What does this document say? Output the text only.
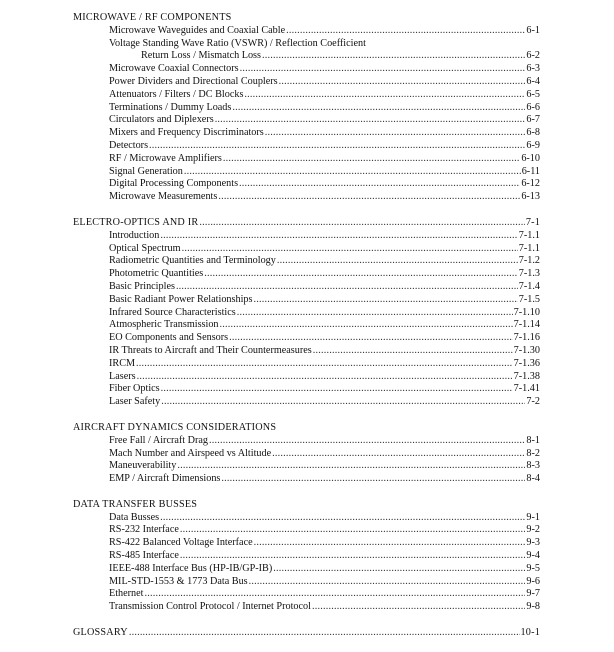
MICROWAVE / RF COMPONENTS
Microwave Waveguides and Coaxial Cable .....	6-1
Voltage Standing Wave Ratio (VSWR) / Reflection Coefficient
Return Loss / Mismatch Loss .....	6-2
Microwave Coaxial Connectors .....	6-3
Power Dividers and Directional Couplers .....	6-4
Attenuators / Filters / DC Blocks .....	6-5
Terminations / Dummy Loads .....	6-6
Circulators and Diplexers .....	6-7
Mixers and Frequency Discriminators .....	6-8
Detectors .....	6-9
RF / Microwave Amplifiers .....	6-10
Signal Generation .....	6-11
Digital Processing Components .....	6-12
Microwave Measurements .....	6-13
ELECTRO-OPTICS AND IR .....	7-1
Introduction .....	7-1.1
Optical Spectrum .....	7-1.1
Radiometric Quantities and Terminology .....	7-1.2
Photometric Quantities .....	7-1.3
Basic Principles .....	7-1.4
Basic Radiant Power Relationships .....	7-1.5
Infrared Source Characteristics .....	7-1.10
Atmospheric Transmission .....	7-1.14
EO Components and Sensors .....	7-1.16
IR Threats to Aircraft and Their Countermeasures .....	7-1.30
IRCM .....	7-1.36
Lasers .....	7-1.38
Fiber Optics .....	7-1.41
Laser Safety .....	7-2
AIRCRAFT DYNAMICS CONSIDERATIONS
Free Fall / Aircraft Drag .....	8-1
Mach Number and Airspeed vs Altitude .....	8-2
Maneuverability .....	8-3
EMP / Aircraft Dimensions .....	8-4
DATA TRANSFER BUSSES
Data Busses .....	9-1
RS-232 Interface .....	9-2
RS-422 Balanced Voltage Interface .....	9-3
RS-485 Interface .....	9-4
IEEE-488 Interface Bus (HP-IB/GP-IB) .....	9-5
MIL-STD-1553 & 1773 Data Bus .....	9-6
Ethernet .....	9-7
Transmission Control Protocol / Internet Protocol .....	9-8
GLOSSARY .....	10-1
